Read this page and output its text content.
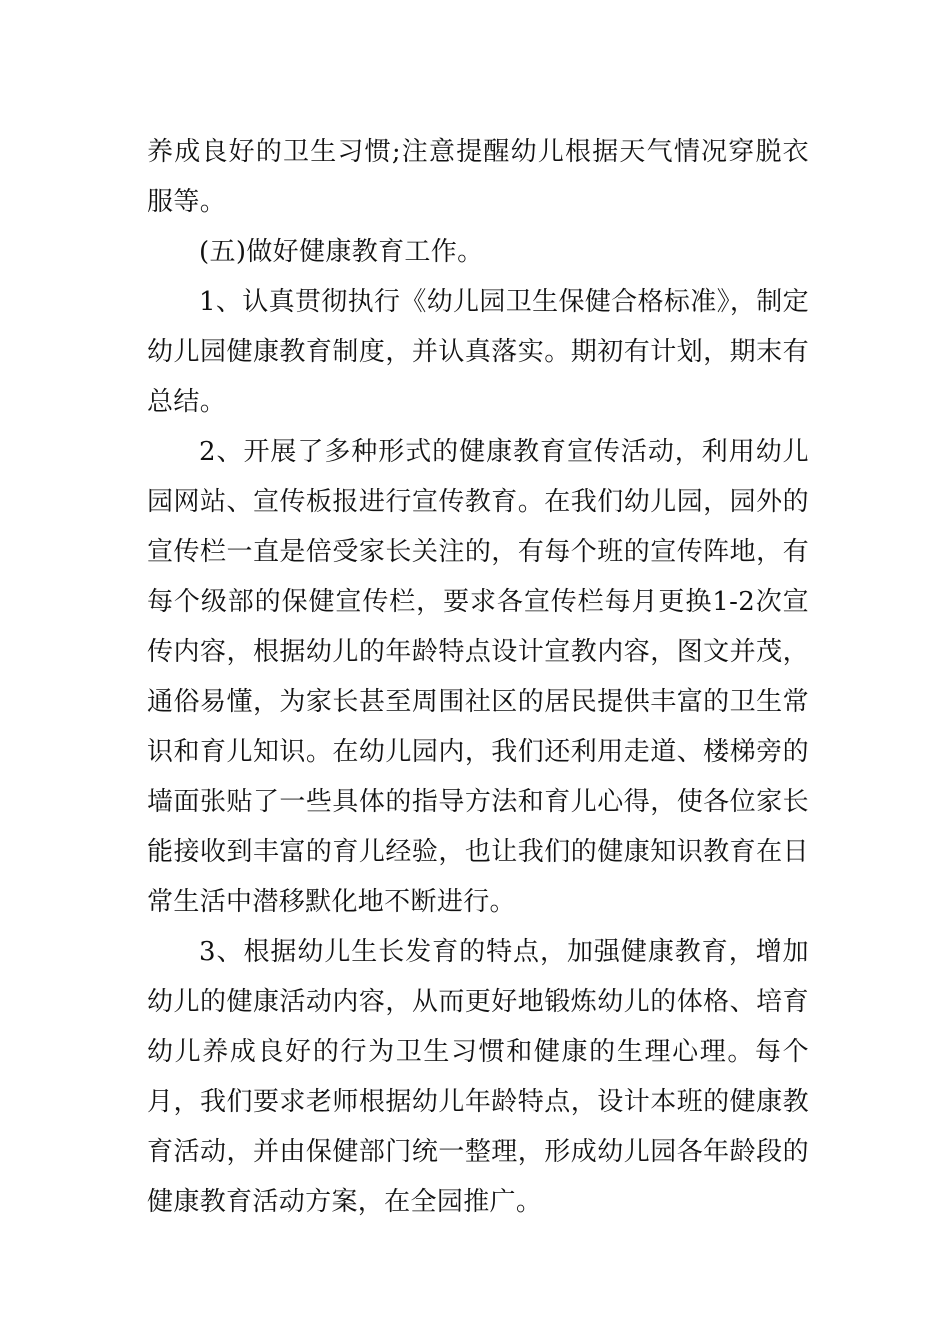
养成良好的卫生习惯;注意提醒幼儿根据天气情况穿脱衣服等。

(五)做好健康教育工作。

1、认真贯彻执行《幼儿园卫生保健合格标准》，制定幼儿园健康教育制度，并认真落实。期初有计划，期末有总结。

2、开展了多种形式的健康教育宣传活动，利用幼儿园网站、宣传板报进行宣传教育。在我们幼儿园，园外的宣传栏一直是倍受家长关注的，有每个班的宣传阵地，有每个级部的保健宣传栏，要求各宣传栏每月更换1-2次宣传内容，根据幼儿的年龄特点设计宣教内容，图文并茂，通俗易懂，为家长甚至周围社区的居民提供丰富的卫生常识和育儿知识。在幼儿园内，我们还利用走道、楼梯旁的墙面张贴了一些具体的指导方法和育儿心得，使各位家长能接收到丰富的育儿经验，也让我们的健康知识教育在日常生活中潜移默化地不断进行。

3、根据幼儿生长发育的特点，加强健康教育，增加幼儿的健康活动内容，从而更好地锻炼幼儿的体格、培育幼儿养成良好的行为卫生习惯和健康的生理心理。每个月，我们要求老师根据幼儿年龄特点，设计本班的健康教育活动，并由保健部门统一整理，形成幼儿园各年龄段的健康教育活动方案，在全园推广。
